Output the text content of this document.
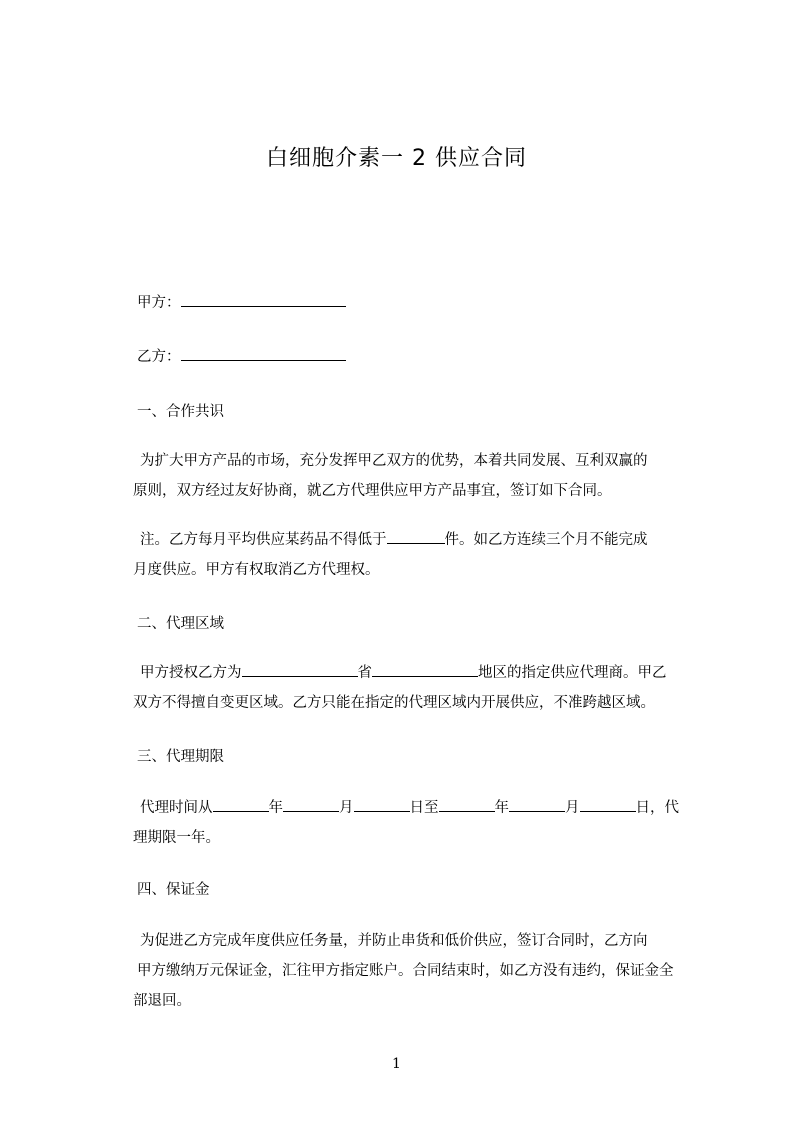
白细胞介素一 2 供应合同
甲方：
乙方：
一、合作共识
为扩大甲方产品的市场，充分发挥甲乙双方的优势，本着共同发展、互利双赢的
原则，双方经过友好协商，就乙方代理供应甲方产品事宜，签订如下合同。
注。乙方每月平均供应某药品不得低于	件。如乙方连续三个月不能完成
月度供应。甲方有权取消乙方代理权。
二、代理区域
甲方授权乙方为	省	地区的指定供应代理商。甲乙
双方不得擅自变更区域。乙方只能在指定的代理区域内开展供应，不准跨越区域。
三、代理期限
代理时间从	年	月	日至	年	月	日，代
理期限一年。
四、保证金
为促进乙方完成年度供应任务量，并防止串货和低价供应，签订合同时，乙方向
甲方缴纳万元保证金，汇往甲方指定账户。合同结束时，如乙方没有违约，保证金全
部退回。
1
